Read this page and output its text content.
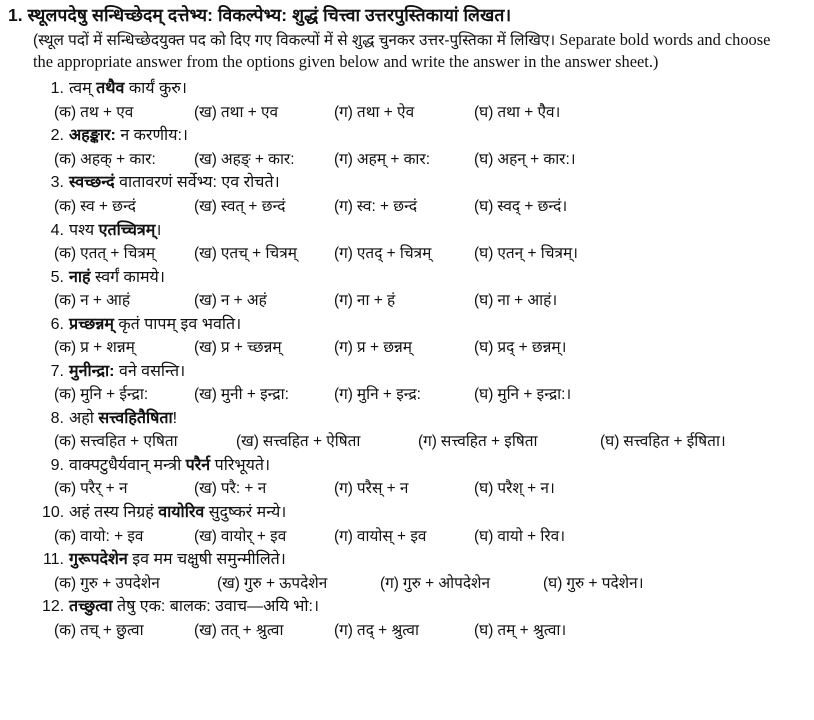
1. स्थूलपदेषु सन्धिच्छेदम् दत्तेभ्य: विकल्पेभ्य: शुद्धं चित्त्वा उत्तरपुस्तिकायां लिखत।

(स्थूल पदों में सन्धिच्छेदयुक्त पद को दिए गए विकल्पों में से शुद्ध चुनकर उत्तर-पुस्तिका में लिखिए। Separate bold words and choose the appropriate answer from the options given below and write the answer in the answer sheet.)

1. त्वम् तथैव कार्यं कुरु।
(क) तथ + एव	(ख) तथा + एव	(ग) तथा + ऐव	(घ) तथा + ऐैव।
2. अहङ्कार: न करणीय:।
(क) अहक् + कार: (ख) अहङ् + कार:	(ग) अहम् + कार:	(घ) अहन् + कार:।
3. स्वच्छन्दं वातावरणं सर्वेभ्य: एव रोचते।
(क) स्व + छन्दं	(ख) स्वत् + छन्दं	(ग) स्व: + छन्दं	(घ) स्वद् + छन्दं।
4. पश्य एतच्चित्रम्।
(क) एतत् + चित्रम्	(ख) एतच् + चित्रम् (ग) एतद् + चित्रम्	(घ) एतन् + चित्रम्।
5. नाहं स्वर्गं कामये।
(क) न + आहं	(ख) न + अहं	(ग) ना + हं	(घ) ना + आहं।
6. प्रच्छन्नम् कृतं पापम् इव भवति।
(क) प्र + शन्नम्	(ख) प्र + च्छन्नम्	(ग) प्र + छन्नम्	(घ) प्रद् + छन्नम्।
7. मुनीन्द्रा: वने वसन्ति।
(क) मुनि + ईन्द्रा:	(ख) मुनी + इन्द्रा:	(ग) मुनि + इन्द्र:	(घ) मुनि + इन्द्रा:।
8. अहो सत्त्वहितैषिता!
(क) सत्त्वहित + एषिता	(ख) सत्त्वहित + ऐषिता	(ग) सत्त्वहित + इषिता	(घ) सत्त्वहित + ईषिता।
9. वाक्पटुधैर्यवान् मन्त्री परैर्न परिभूयते।
(क) परैर् + न	(ख) परै: + न	(ग) परैस् + न	(घ) परैश् + न।
10. अहं तस्य निग्रहं वायोरिव सुदुष्करं मन्ये।
(क) वायो: + इव	(ख) वायोर् + इव	(ग) वायोस् + इव	(घ) वायो + रिव।
11. गुरूपदेशेन इव मम चक्षुषी समुन्मीलिते।
(क) गुरु + उपदेशेन	(ख) गुरु + ऊपदेशेन	(ग) गुरु + ओपदेशेन	(घ) गुरु + पदेशेन।
12. तच्छुत्वा तेषु एक: बालक: उवाच—अयि भो:।
(क) तच् + छुत्वा	(ख) तत् + श्रुत्वा	(ग) तद् + श्रुत्वा	(घ) तम् + श्रुत्वा।
